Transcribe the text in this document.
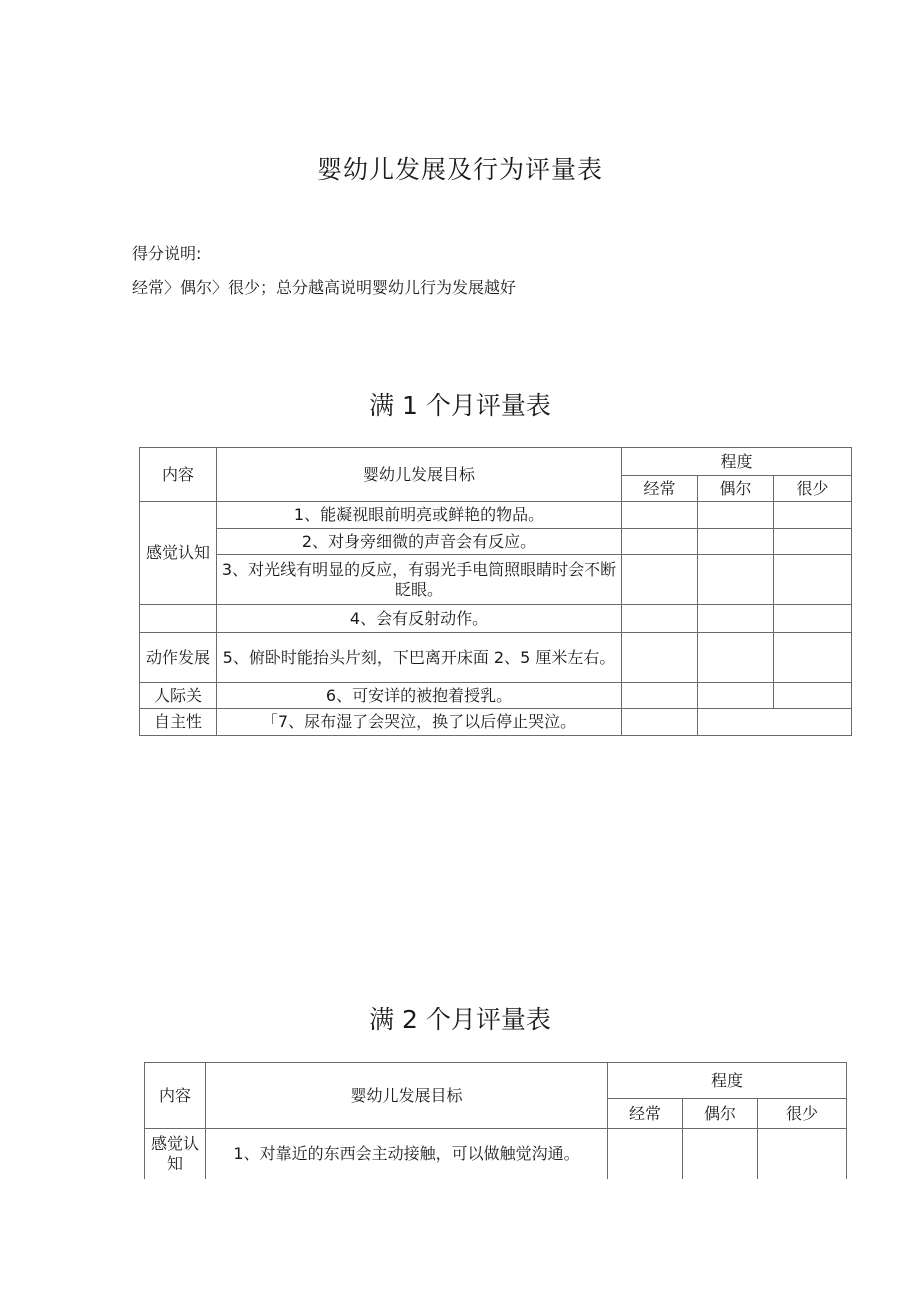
婴幼儿发展及行为评量表
得分说明:
经常〉偶尔〉很少；总分越高说明婴幼儿行为发展越好
满 1 个月评量表
内容	婴幼儿发展目标	程度		
		经常	偶尔	很少
感觉认知	1、能凝视眼前明亮或鲜艳的物品。			
	2、对身旁细微的声音会有反应。			
	3、对光线有明显的反应，有弱光手电筒照眼睛时会不断眨眼。			
	4、会有反射动作。			
动作发展	5、俯卧时能抬头片刻，下巴离开床面 2、5 厘米左右。			
人际关	6、可安详的被抱着授乳。			
自主性	「7、尿布湿了会哭泣，换了以后停止哭泣。			
满 2 个月评量表
内容	婴幼儿发展目标	程度		
		经常	偶尔	很少
感觉认知	1、对靠近的东西会主动接触，可以做触觉沟通。			
